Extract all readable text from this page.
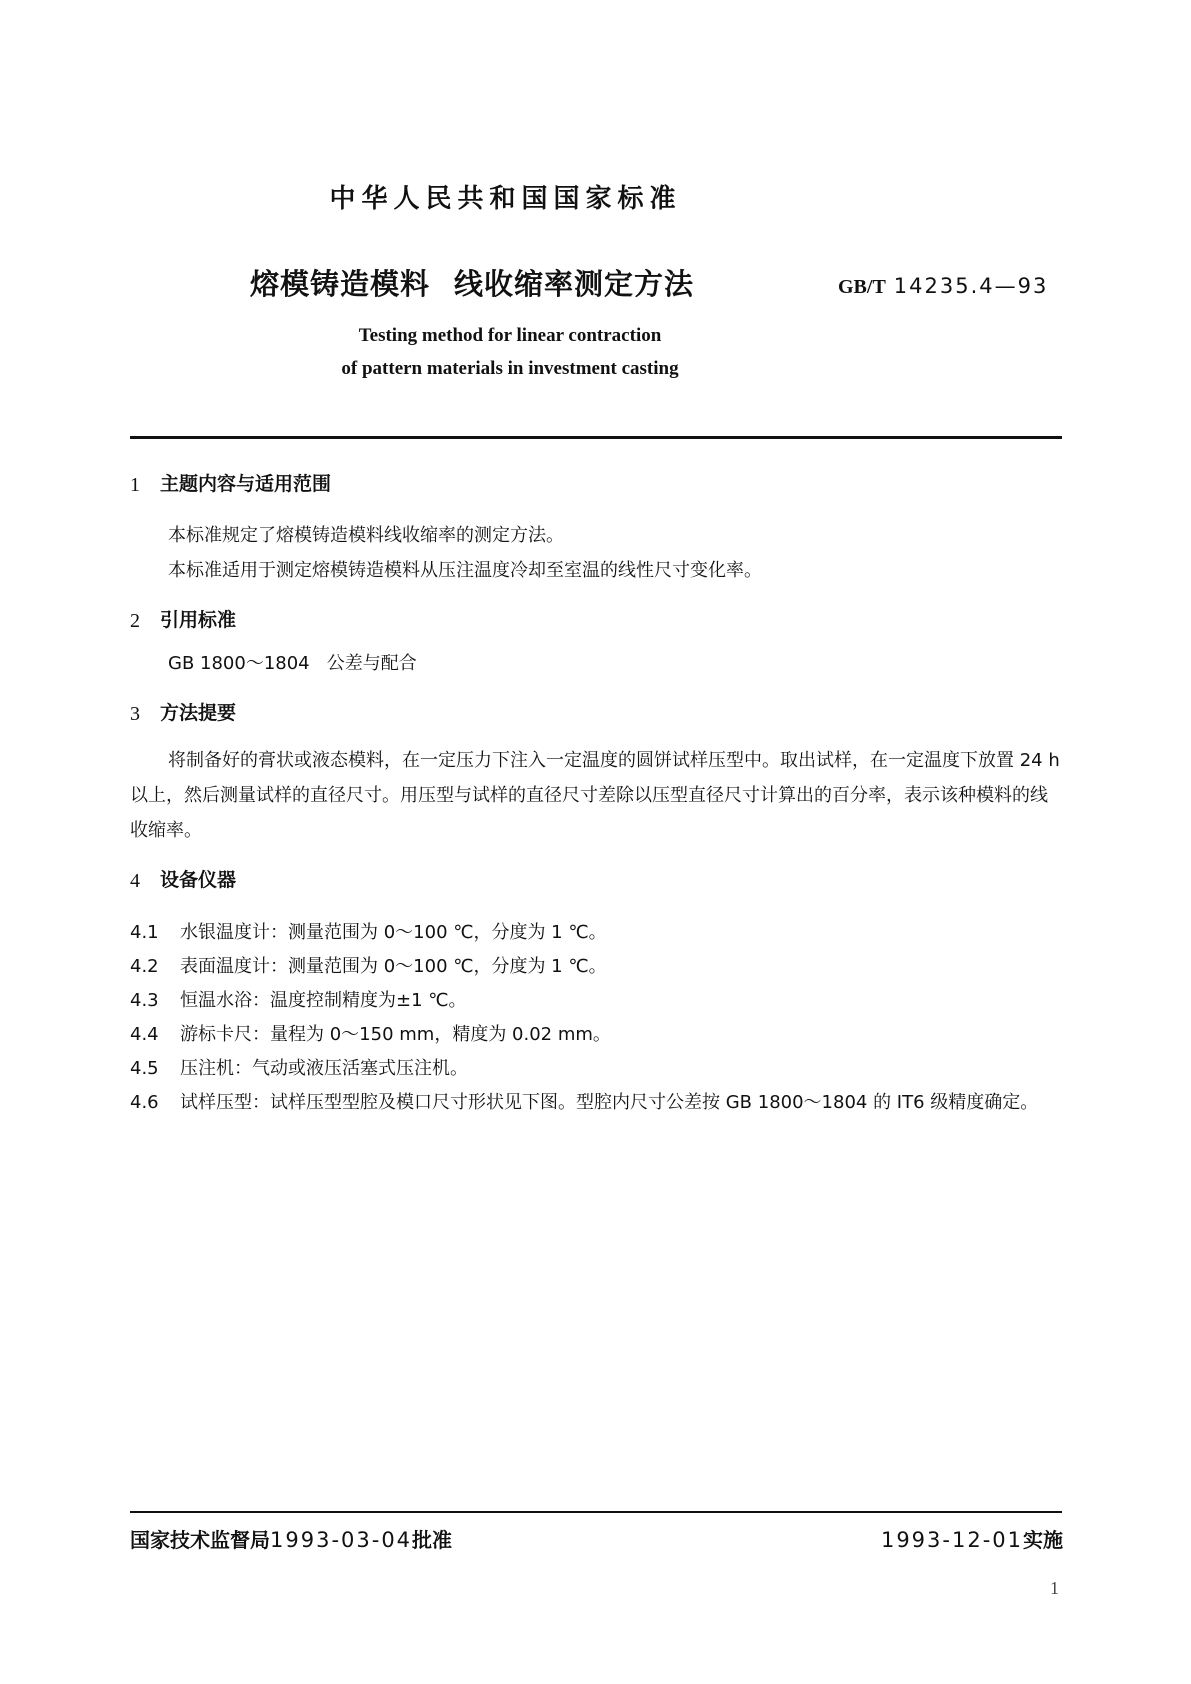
中华人民共和国国家标准
熔模铸造模料 线收缩率测定方法	GB/T 14235.4—93
Testing method for linear contraction
of pattern materials in investment casting
1	主题内容与适用范围

本标准规定了熔模铸造模料线收缩率的测定方法。

本标准适用于测定熔模铸造模料从压注温度冷却至室温的线性尺寸变化率。

2	引用标准

GB 1800～1804   公差与配合

3	方法提要

将制备好的膏状或液态模料，在一定压力下注入一定温度的圆饼试样压型中。取出试样，在一定温度下放置 24 h 以上，然后测量试样的直径尺寸。用压型与试样的直径尺寸差除以压型直径尺寸计算出的百分率，表示该种模料的线收缩率。

4	设备仪器
4.1	水银温度计：测量范围为 0～100 ℃，分度为 1 ℃。
4.2	表面温度计：测量范围为 0～100 ℃，分度为 1 ℃。
4.3	恒温水浴：温度控制精度为±1 ℃。
4.4	游标卡尺：量程为 0～150 mm，精度为 0.02 mm。
4.5	压注机：气动或液压活塞式压注机。
4.6 试样压型：试样压型型腔及模口尺寸形状见下图。型腔内尺寸公差按 GB 1800～1804 的 IT6 级精度确定。
国家技术监督局1993-03-04批准	1993-12-01实施
1
